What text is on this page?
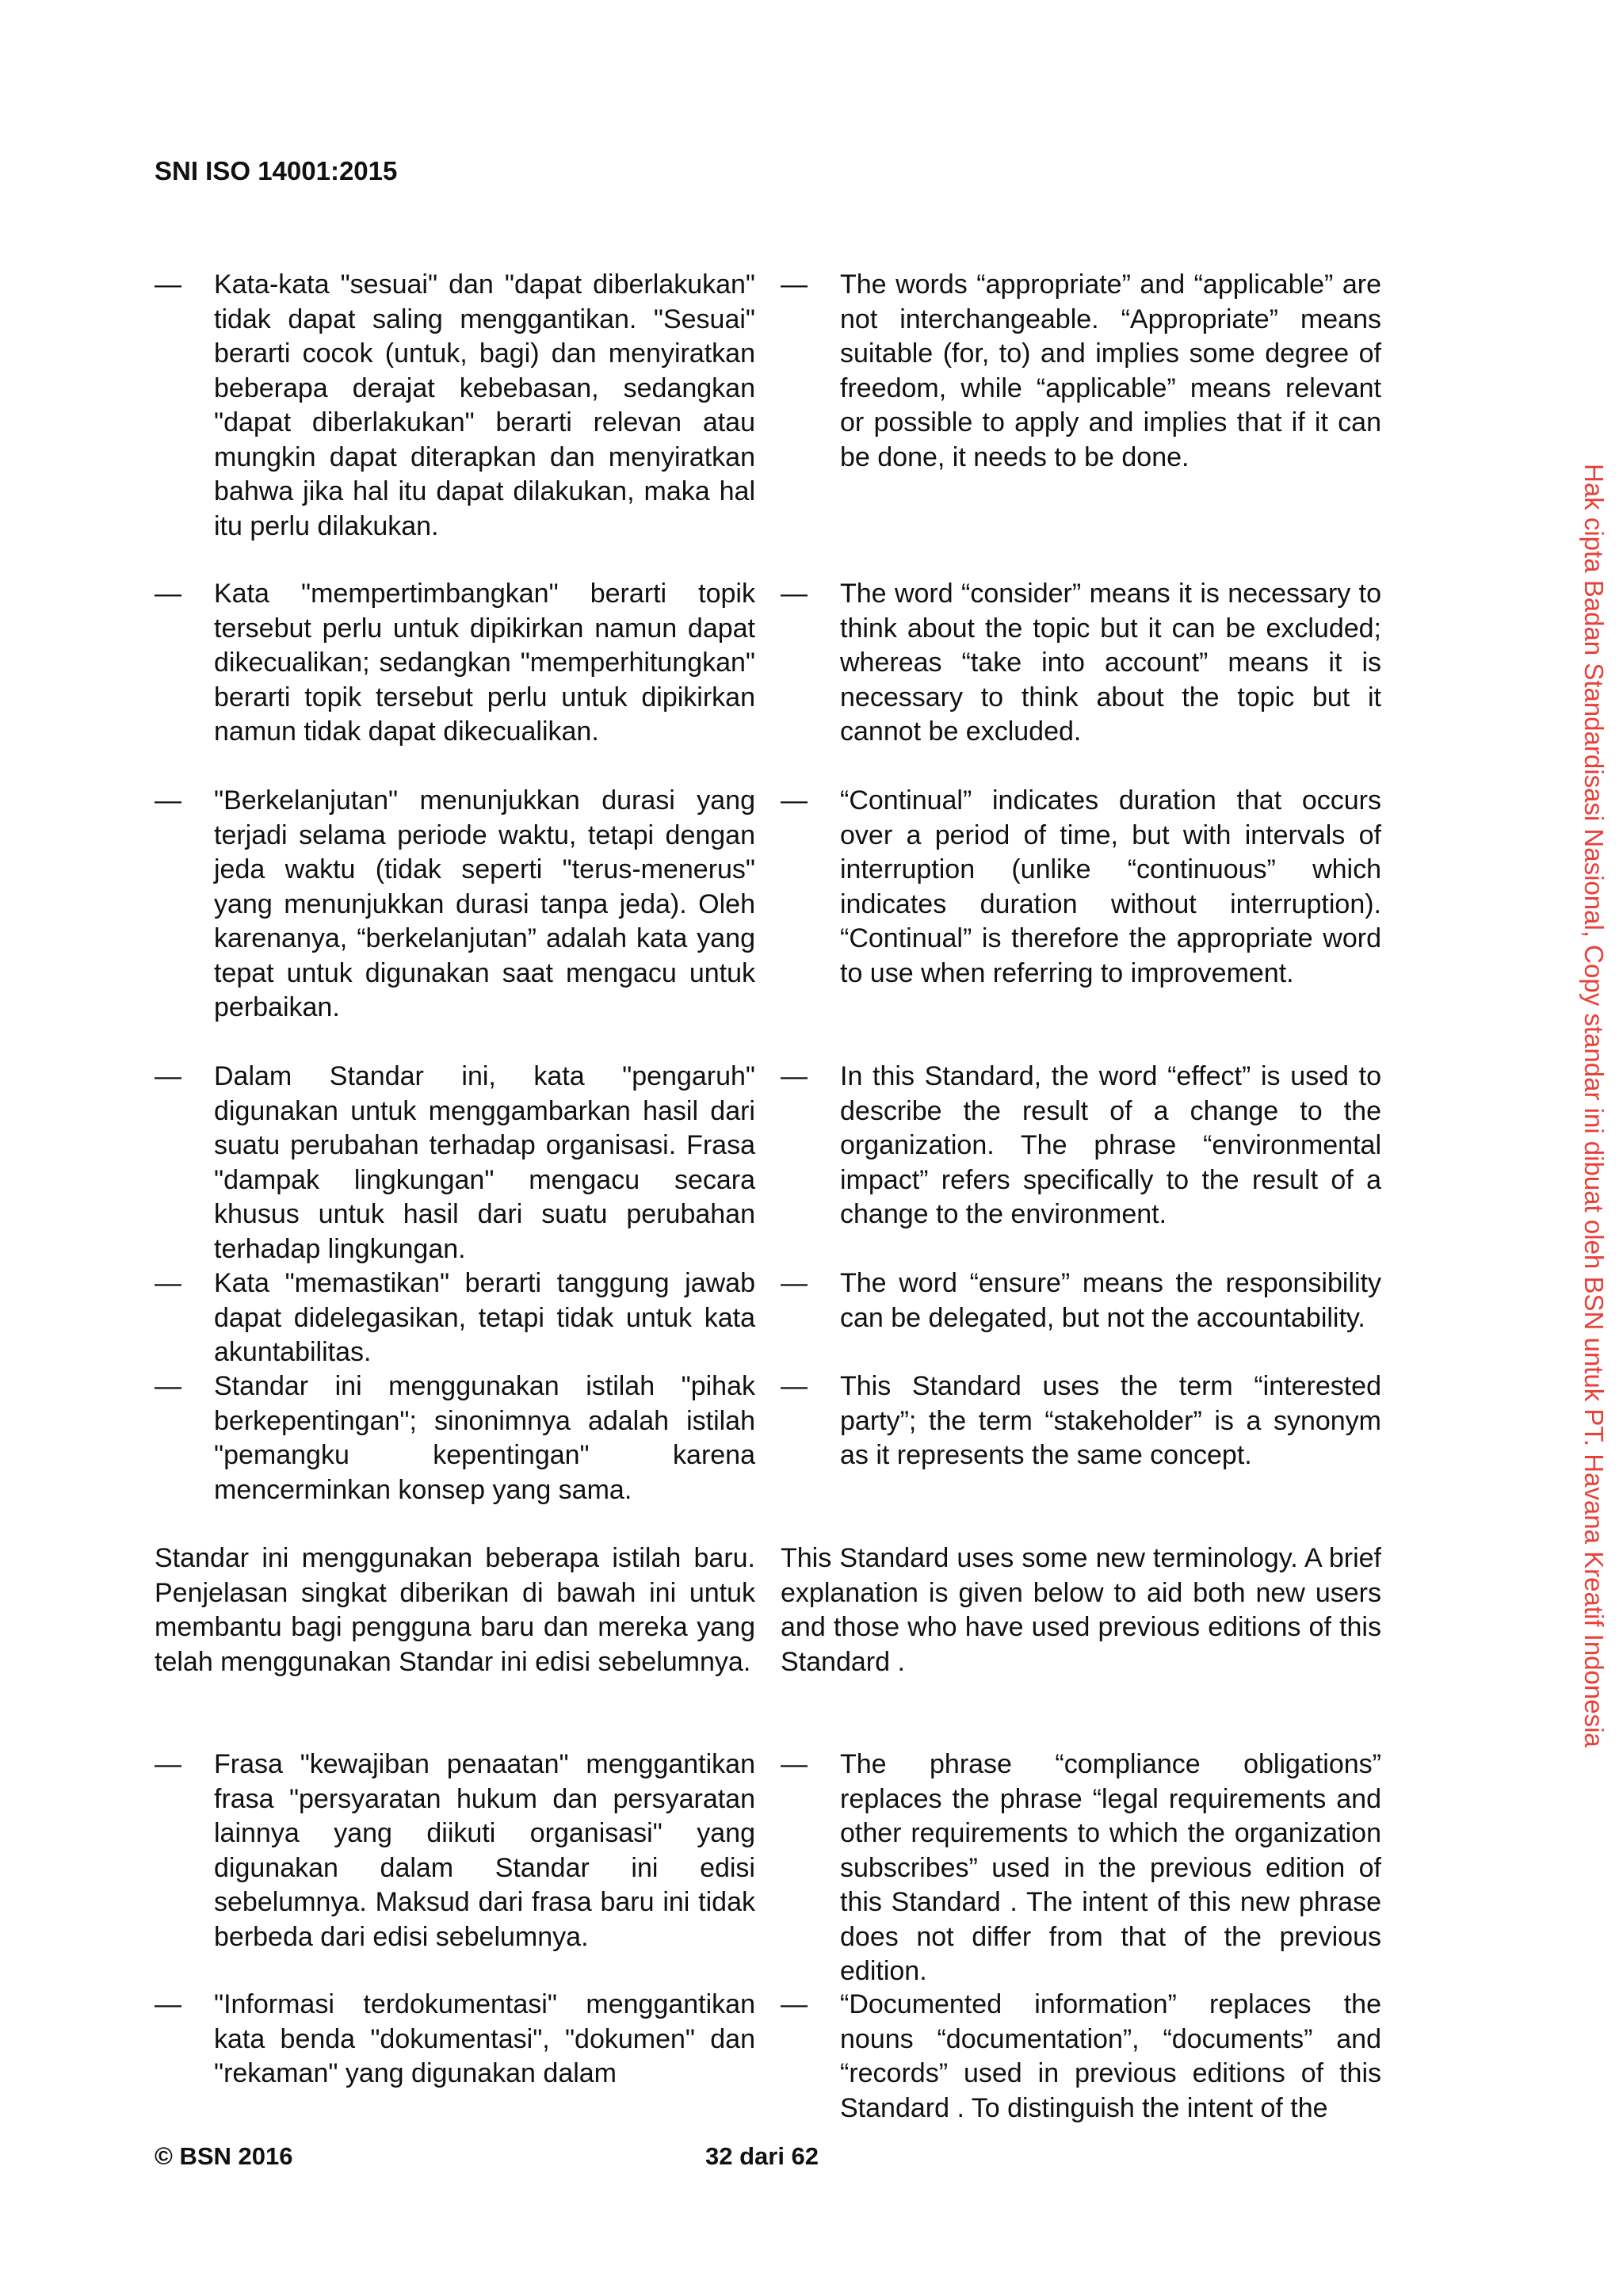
SNI ISO 14001:2015
Hak cipta Badan Standardisasi Nasional, Copy standar ini dibuat oleh BSN untuk PT. Havana Kreatif Indonesia
— Kata-kata "sesuai" dan "dapat diberlakukan" tidak dapat saling menggantikan. "Sesuai" berarti cocok (untuk, bagi) dan menyiratkan beberapa derajat kebebasan, sedangkan "dapat diberlakukan" berarti relevan atau mungkin dapat diterapkan dan menyiratkan bahwa jika hal itu dapat dilakukan, maka hal itu perlu dilakukan.
— The words “appropriate” and “applicable” are not interchangeable. “Appropriate” means suitable (for, to) and implies some degree of freedom, while “applicable” means relevant or possible to apply and implies that if it can be done, it needs to be done.
— Kata "mempertimbangkan" berarti topik tersebut perlu untuk dipikirkan namun dapat dikecualikan; sedangkan "memperhitungkan" berarti topik tersebut perlu untuk dipikirkan namun tidak dapat dikecualikan.
— The word “consider” means it is necessary to think about the topic but it can be excluded; whereas “take into account” means it is necessary to think about the topic but it cannot be excluded.
— "Berkelanjutan" menunjukkan durasi yang terjadi selama periode waktu, tetapi dengan jeda waktu (tidak seperti "terus-menerus" yang menunjukkan durasi tanpa jeda). Oleh karenanya, “berkelanjutan” adalah kata yang tepat untuk digunakan saat mengacu untuk perbaikan.
— “Continual” indicates duration that occurs over a period of time, but with intervals of interruption (unlike “continuous” which indicates duration without interruption). “Continual” is therefore the appropriate word to use when referring to improvement.
— Dalam Standar ini, kata "pengaruh" digunakan untuk menggambarkan hasil dari suatu perubahan terhadap organisasi. Frasa "dampak lingkungan" mengacu secara khusus untuk hasil dari suatu perubahan terhadap lingkungan.
— In this Standard, the word “effect” is used to describe the result of a change to the organization. The phrase “environmental impact” refers specifically to the result of a change to the environment.
— Kata "memastikan" berarti tanggung jawab dapat didelegasikan, tetapi tidak untuk kata akuntabilitas.
— The word “ensure” means the responsibility can be delegated, but not the accountability.
— Standar ini menggunakan istilah "pihak berkepentingan"; sinonimnya adalah istilah "pemangku kepentingan" karena mencerminkan konsep yang sama.
— This Standard uses the term “interested party”; the term “stakeholder” is a synonym as it represents the same concept.
Standar ini menggunakan beberapa istilah baru. Penjelasan singkat diberikan di bawah ini untuk membantu bagi pengguna baru dan mereka yang telah menggunakan Standar ini edisi sebelumnya.
This Standard uses some new terminology. A brief explanation is given below to aid both new users and those who have used previous editions of this Standard .
— Frasa "kewajiban penaatan" menggantikan frasa "persyaratan hukum dan persyaratan lainnya yang diikuti organisasi" yang digunakan dalam Standar ini edisi sebelumnya. Maksud dari frasa baru ini tidak berbeda dari edisi sebelumnya.
— The phrase “compliance obligations” replaces the phrase “legal requirements and other requirements to which the organization subscribes” used in the previous edition of this Standard . The intent of this new phrase does not differ from that of the previous edition.
— "Informasi terdokumentasi" menggantikan kata benda "dokumentasi", "dokumen" dan "rekaman" yang digunakan dalam
— “Documented information” replaces the nouns “documentation”, “documents” and “records” used in previous editions of this Standard . To distinguish the intent of the
© BSN 2016	32 dari 62
